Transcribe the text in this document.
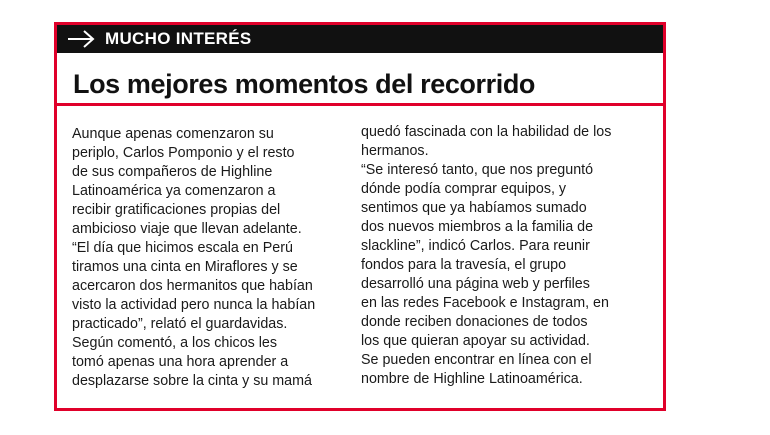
MUCHO INTERÉS
Los mejores momentos del recorrido
Aunque apenas comenzaron su
periplo, Carlos Pomponio y el resto
de sus compañeros de Highline
Latinoamérica ya comenzaron a
recibir gratificaciones propias del
ambicioso viaje que llevan adelante.
“El día que hicimos escala en Perú
tiramos una cinta en Miraflores y se
acercaron dos hermanitos que habían
visto la actividad pero nunca la habían
practicado”, relató el guardavidas.
Según comentó, a los chicos les
tomó apenas una hora aprender a
desplazarse sobre la cinta y su mamá
quedó fascinada con la habilidad de los
hermanos.
“Se interesó tanto, que nos preguntó
dónde podía comprar equipos, y
sentimos que ya habíamos sumado
dos nuevos miembros a la familia de
slackline”, indicó Carlos. Para reunir
fondos para la travesía, el grupo
desarrolló una página web y perfiles
en las redes Facebook e Instagram, en
donde reciben donaciones de todos
los que quieran apoyar su actividad.
Se pueden encontrar en línea con el
nombre de Highline Latinoamérica.
